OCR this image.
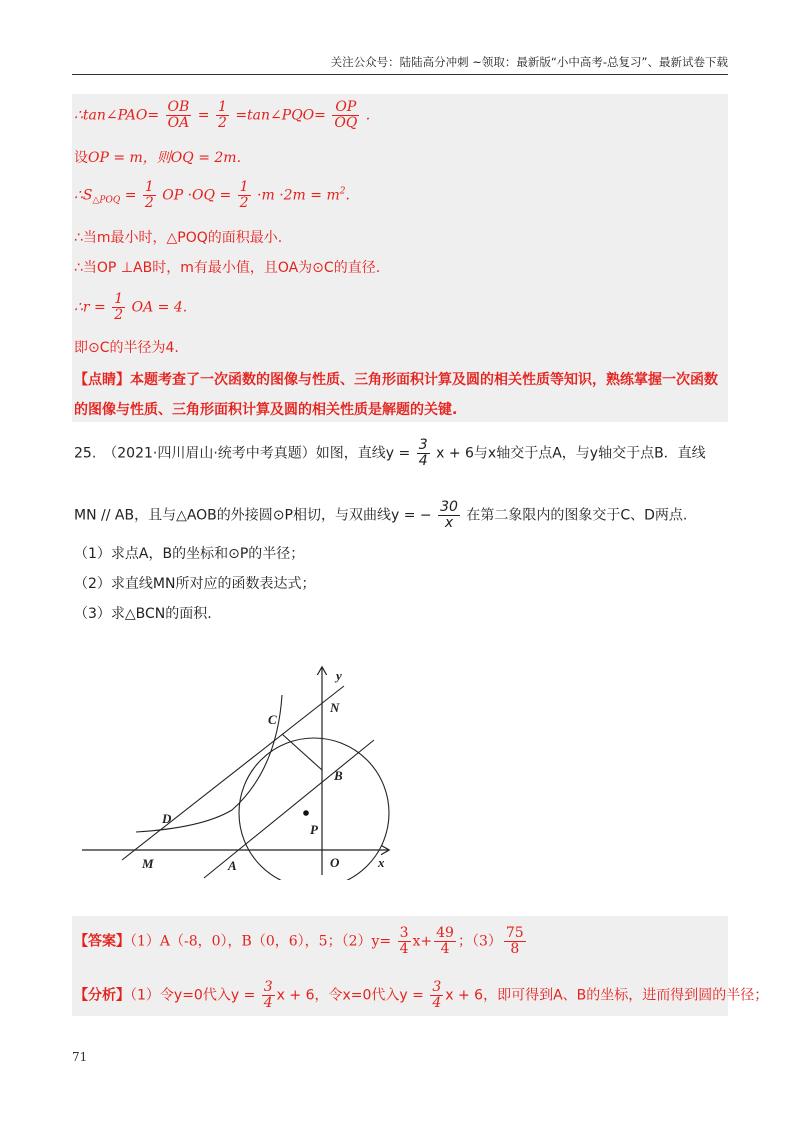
关注公众号：陆陆高分冲刺 ~领取：最新版“小中高考-总复习”、最新试卷下载
∴tan∠PAO= $\frac{OB}{OA} = \frac{1}{2}$ =tan∠PQO= $\frac{OP}{OQ}$ .
设OP = m，则OQ = 2m.
$\therefore S_{\triangle POQ} = \frac{1}{2}$ OP $\cdot OQ = \frac{1}{2} \cdot m \cdot 2m = m^2$.
∴当m最小时，△POQ的面积最小.
∴当OP ⊥AB时，m有最小值，且OA为⊙C的直径.
∴r = $\frac{1}{2}$ OA = 4.
即⊙C的半径为4.
【点睛】本题考查了一次函数的图像与性质、三角形面积计算及圆的相关性质等知识，熟练掌握一次函数
的图像与性质、三角形面积计算及圆的相关性质是解题的关键.
25.　（2021·四川眉山·统考中考真题）如图，直线$y = \frac{3}{4}$ x + 6与x轴交于点A，与y轴交于点B．直线
MN // AB，且与△AOB的外接圆⊙P相切，与双曲线y = − $\frac{30}{x}$ 在第二象限内的图象交于C、D两点.
（1）求点A，B的坐标和⊙P的半径；
（2）求直线MN所对应的函数表达式；
（3）求△BCN的面积.
y
x
N
C
B
D
P
M	A	O
【答案】（1）A（-8，0），B（0，6），5；$(2)y= \frac{3}{4} x+ \frac{49}{4}$ ；$(3) \frac{75}{8}$
【分析】（1）令y=0代入$y = \frac{3}{4}$ x + 6，令x=0代入$y = \frac{3}{4}$ x + 6，即可得到A、B的坐标，进而得到圆的半径；
71
